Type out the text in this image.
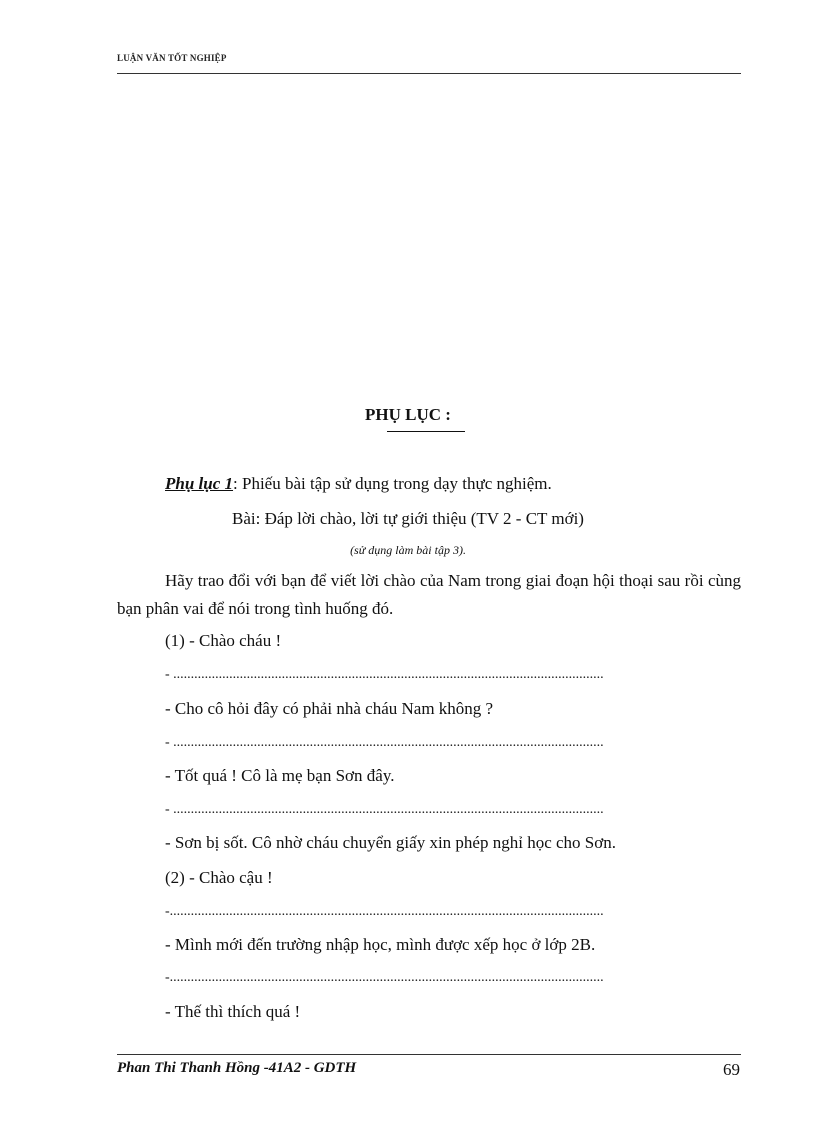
LUẬN VĂN TỐT NGHIỆP
PHỤ LỤC :
Phụ lục 1: Phiếu bài tập sử dụng trong dạy thực nghiệm.
Bài: Đáp lời chào, lời tự giới thiệu (TV 2 - CT mới)
(sử dụng làm bài tập 3).
Hãy trao đổi với bạn để viết lời chào của Nam trong giai đoạn hội thoại sau rồi cùng bạn phân vai để nói trong tình huống đó.
(1) - Chào cháu !
- ...........................................................................................................................
- Cho cô hỏi đây có phải nhà cháu Nam không ?
- ...........................................................................................................................
- Tốt quá ! Cô là mẹ bạn Sơn đây.
- ...........................................................................................................................
- Sơn bị sốt. Cô nhờ cháu chuyển giấy xin phép nghỉ học cho Sơn.
(2) - Chào cậu !
-............................................................................................................................
- Mình mới đến trường nhập học, mình được xếp học ở lớp 2B.
-............................................................................................................................
- Thế thì thích quá !
Phan Thi Thanh Hồng -41A2 - GDTH	69
